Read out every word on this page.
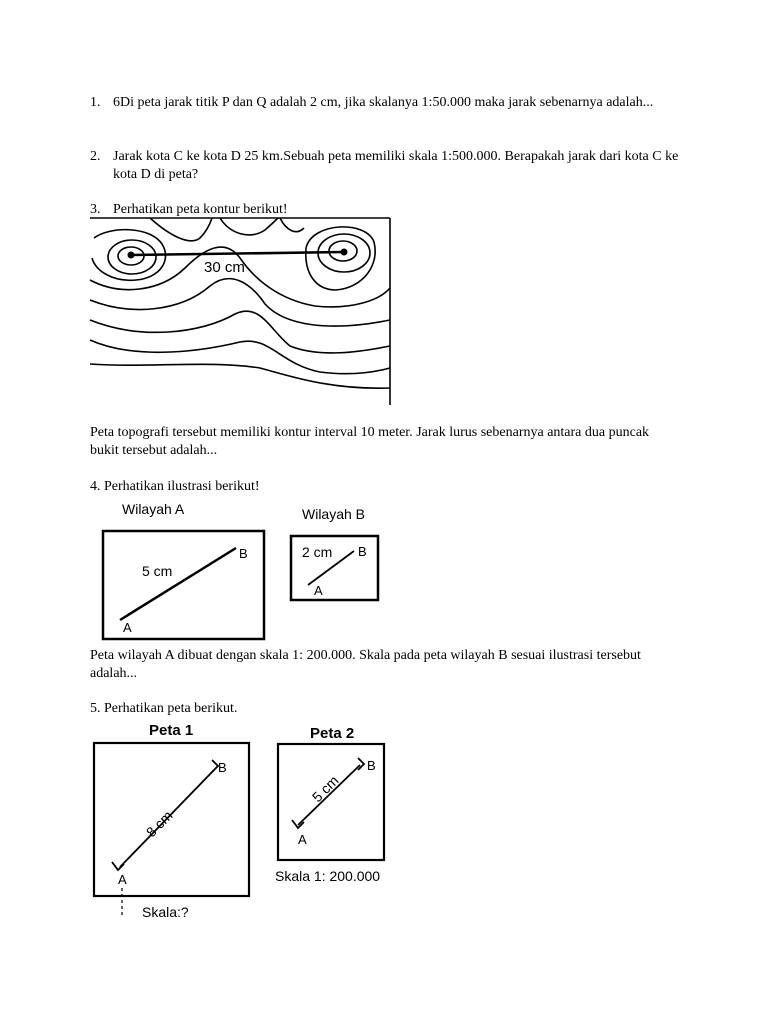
1. 6Di peta jarak titik P dan Q adalah 2 cm, jika skalanya 1:50.000 maka jarak sebenarnya adalah...

2. Jarak kota C ke kota D 25 km.Sebuah peta memiliki skala 1:500.000. Berapakah jarak dari kota C ke kota D di peta?

3. Perhatikan peta kontur berikut!

30 cm

Peta topografi tersebut memiliki kontur interval 10 meter. Jarak lurus sebenarnya antara dua puncak bukit tersebut adalah...

4. Perhatikan ilustrasi berikut!

Wilayah A
5 cm
B
A
Wilayah B
2 cm B
A

Peta wilayah A dibuat dengan skala 1: 200.000. Skala pada peta wilayah B sesuai ilustrasi tersebut adalah...

5. Perhatikan peta berikut.

Peta 1
8 cm
B
A
Skala:?
Peta 2
5 cm
B
A
Skala 1: 200.000
